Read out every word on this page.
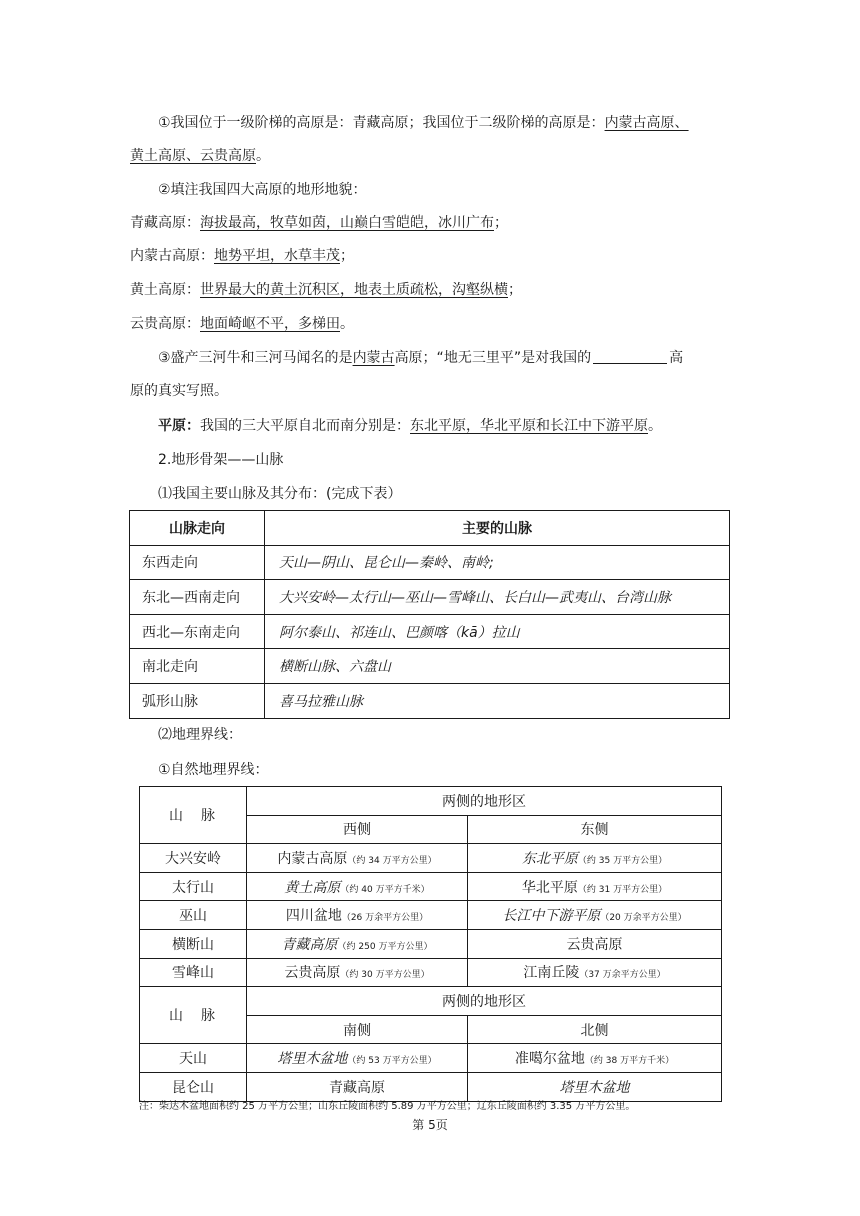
①我国位于一级阶梯的高原是：青藏高原；我国位于二级阶梯的高原是：内蒙古高原、
黄土高原、云贵高原。
②填注我国四大高原的地形地貌：
青藏高原：海拔最高，牧草如茵，山巅白雪皑皑，冰川广布；
内蒙古高原：地势平坦，水草丰茂；
黄土高原：世界最大的黄土沉积区，地表土质疏松，沟壑纵横；
云贵高原：地面崎岖不平，多梯田。
③盛产三河牛和三河马闻名的是内蒙古高原；“地无三里平”是对我国的	高
原的真实写照。
平原：我国的三大平原自北而南分别是：东北平原，华北平原和长江中下游平原。
2.地形骨架——山脉
⑴我国主要山脉及其分布：(完成下表）
山脉走向	主要的山脉
东西走向	天山—阴山、昆仑山—秦岭、南岭;
东北—西南走向	大兴安岭—太行山—巫山—雪峰山、长白山—武夷山、台湾山脉
西北—东南走向	阿尔泰山、祁连山、巴颜喀（kā）拉山
南北走向	横断山脉、六盘山
弧形山脉	喜马拉雅山脉
⑵地理界线：
①自然地理界线：
山　脉	两侧的地形区	
	西侧	东侧
大兴安岭	内蒙古高原（约 34 万平方公里）	东北平原（约 35 万平方公里）
太行山	黄土高原（约 40 万平方千米）	华北平原（约 31 万平方公里）
巫山	四川盆地（26 万余平方公里）	长江中下游平原（20 万余平方公里）
横断山	青藏高原（约 250 万平方公里）	云贵高原
雪峰山	云贵高原（约 30 万平方公里）	江南丘陵（37 万余平方公里）
山　脉	两侧的地形区	
	南侧	北侧
天山	塔里木盆地（约 53 万平方公里）	准噶尔盆地（约 38 万平方千米）
昆仑山	青藏高原	塔里木盆地
注：柴达木盆地面积约 25 万平方公里；山东丘陵面积约 5.89 万平方公里；辽东丘陵面积约 3.35 万平方公里。
第 5页
